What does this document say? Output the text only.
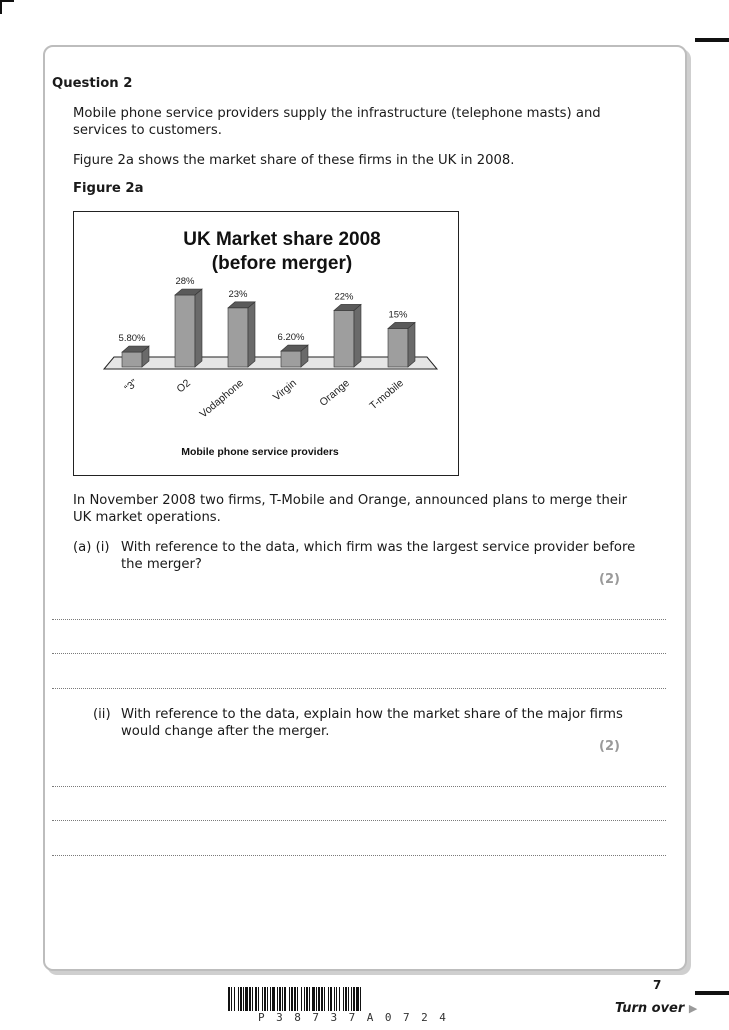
Question 2
Mobile phone service providers supply the infrastructure (telephone masts) and
services to customers.
Figure 2a shows the market share of these firms in the UK in 2008.
Figure 2a
UK Market share 2008
(before merger)
5.80%
“3”
28%
O2
23%
Vodaphone
6.20%
Virgin
22%
Orange
15%
T-mobile
Mobile phone service providers
In November 2008 two firms, T-Mobile and Orange, announced plans to merge their
UK market operations.
(a) (i) With reference to the data, which firm was the largest service provider before
the merger?
(2)
(ii) With reference to the data, explain how the market share of the major firms
would change after the merger.
(2)
7
P38737A0724
Turn over ▶
